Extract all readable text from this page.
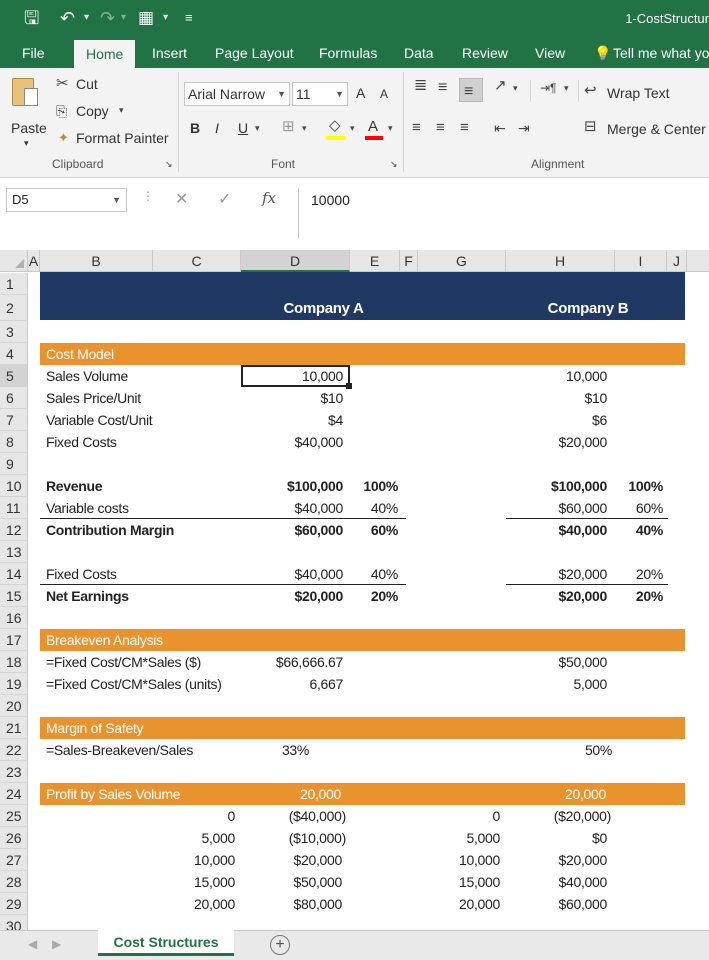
🖫 ↶ ▾ ↷ ▾ ▦ ▾ ≡	1-CostStructur
File	Home	Insert Page Layout Formulas Data Review View 💡 Tell me what yo
Paste
▾
✂ Cut
⎘ Copy ▾
✦ Format Painter
Clipboard	↘
Arial Narrow ▼ 11	▼ A A
B I U ▾ ⊞ ▾ ◇ ▾ A ▾
Font	↘
≣ ≡ ≡ ↗ ▾ ⇥¶ ▾ ↩ Wrap Text
≡ ≡ ≡ ⇤ ⇥	⊟ Merge & Center
Alignment
D5	▼ ⋮ ✕ ✓ fx	10000
A	B	C	D	E	F	G	H	I	J
1
2
3
4
5
6
7
8
9
10
11
12
13
14
15
16
17
18
19
20
21
22
23
24
25
26
27
28
29
30
Company A	Company B
Cost Model
Sales Volume	10,000	10,000
Sales Price/Unit	$10	$10
Variable Cost/Unit	$4	$6
Fixed Costs	$40,000	$20,000
Revenue	$100,000	100%	$100,000	100%
Variable costs	$40,000	40%	$60,000	60%
Contribution Margin	$60,000	60%	$40,000	40%
Fixed Costs	$40,000	40%	$20,000	20%
Net Earnings	$20,000	20%	$20,000	20%
Breakeven Analysis
=Fixed Cost/CM*Sales ($)	$66,666.67	$50,000
=Fixed Cost/CM*Sales (units)	6,667	5,000
Margin of Safety
=Sales-Breakeven/Sales	33%	50%
Profit by Sales Volume	20,000	20,000
0	($40,000)	0	($20,000)
5,000	($10,000)	5,000	$0
10,000	$20,000	10,000	$20,000
15,000	$50,000	15,000	$40,000
20,000	$80,000	20,000	$60,000
◀ ▶	Cost Structures	+
